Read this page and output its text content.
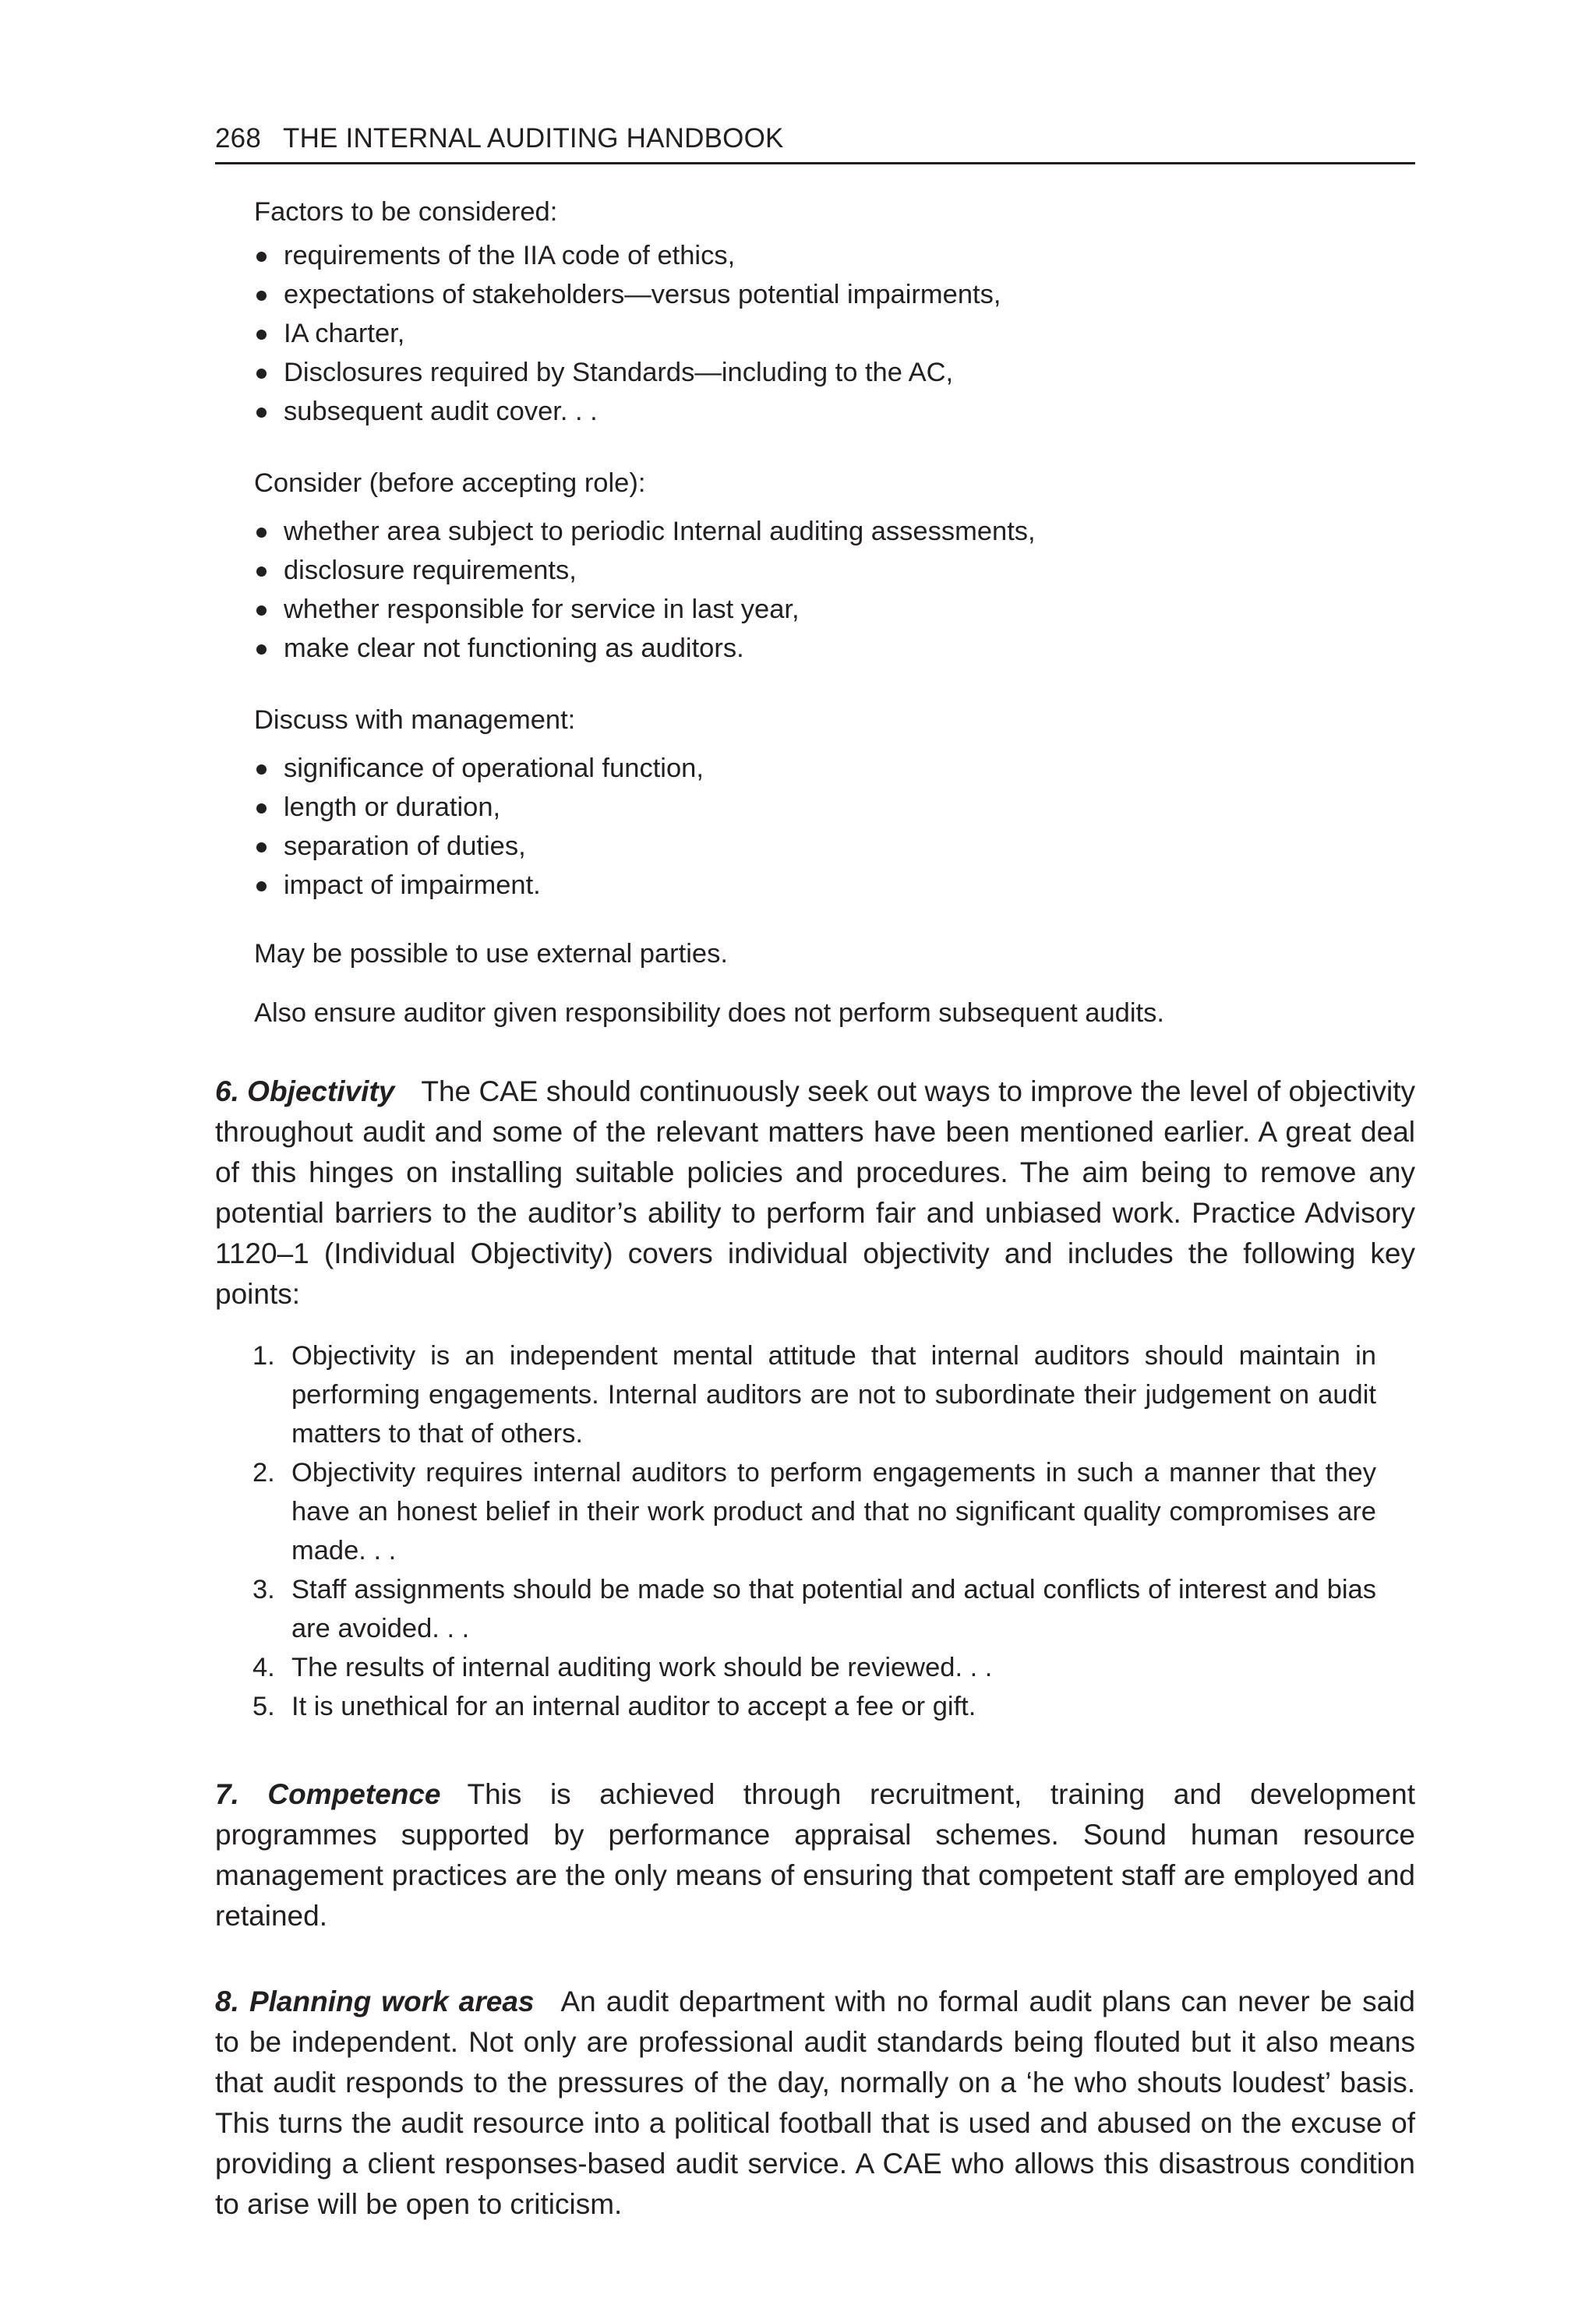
268 THE INTERNAL AUDITING HANDBOOK

Factors to be considered:

requirements of the IIA code of ethics,
expectations of stakeholders—versus potential impairments,
IA charter,
Disclosures required by Standards—including to the AC,
subsequent audit cover. . .

Consider (before accepting role):

whether area subject to periodic Internal auditing assessments,
disclosure requirements,
whether responsible for service in last year,
make clear not functioning as auditors.

Discuss with management:

significance of operational function,
length or duration,
separation of duties,
impact of impairment.

May be possible to use external parties.

Also ensure auditor given responsibility does not perform subsequent audits.

6. Objectivity The CAE should continuously seek out ways to improve the level of objectivity throughout audit and some of the relevant matters have been mentioned earlier. A great deal of this hinges on installing suitable policies and procedures. The aim being to remove any potential barriers to the auditor’s ability to perform fair and unbiased work. Practice Advisory 1120–1 (Individual Objectivity) covers individual objectivity and includes the following key points:

1. Objectivity is an independent mental attitude that internal auditors should maintain in performing engagements. Internal auditors are not to subordinate their judgement on audit matters to that of others.
2. Objectivity requires internal auditors to perform engagements in such a manner that they have an honest belief in their work product and that no significant quality compromises are made. . .
3. Staff assignments should be made so that potential and actual conflicts of interest and bias are avoided. . .
4. The results of internal auditing work should be reviewed. . .
5. It is unethical for an internal auditor to accept a fee or gift.

7. Competence This is achieved through recruitment, training and development programmes supported by performance appraisal schemes. Sound human resource management practices are the only means of ensuring that competent staff are employed and retained.

8. Planning work areas An audit department with no formal audit plans can never be said to be independent. Not only are professional audit standards being flouted but it also means that audit responds to the pressures of the day, normally on a ‘he who shouts loudest’ basis. This turns the audit resource into a political football that is used and abused on the excuse of providing a client responses-based audit service. A CAE who allows this disastrous condition to arise will be open to criticism.
